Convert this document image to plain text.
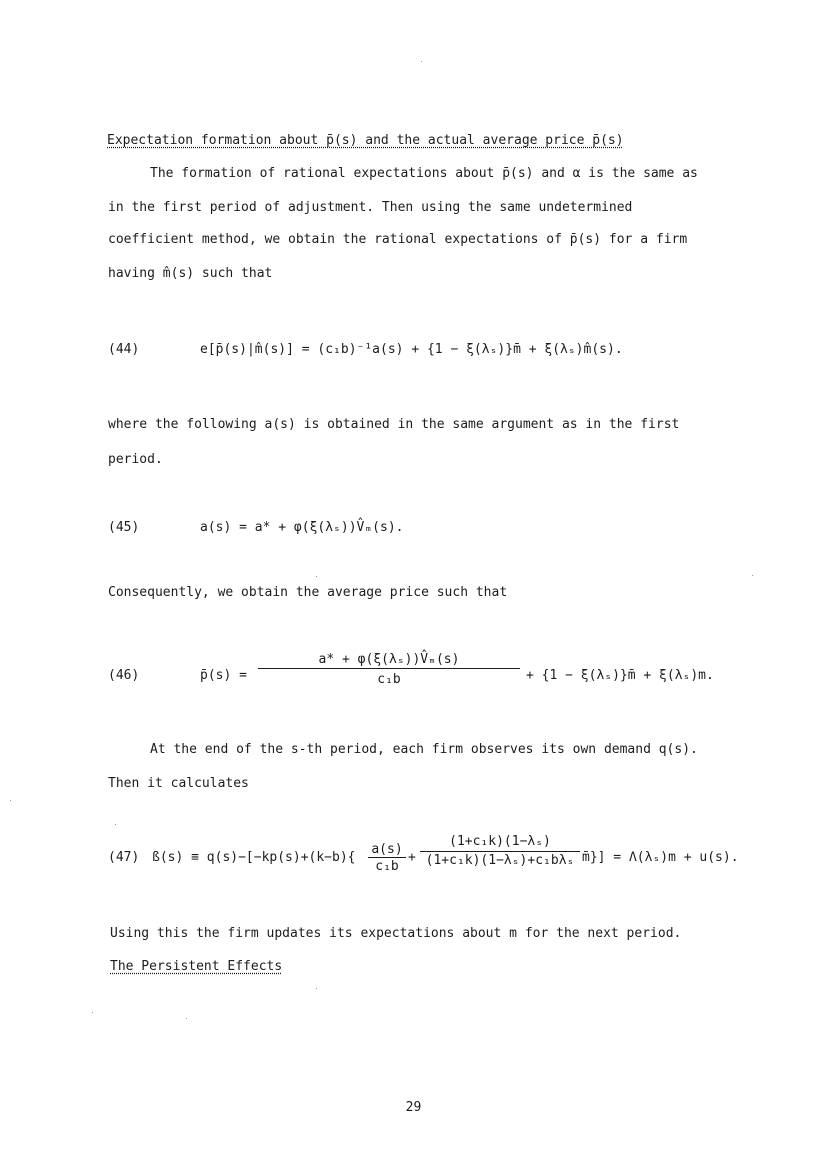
Expectation formation about p̄(s) and the actual average price p̄(s)
The formation of rational expectations about p̄(s) and α is the same as
in the first period of adjustment. Then using the same undetermined
coefficient method, we obtain the rational expectations of p̄(s) for a firm
having m̂(s) such that
(44)	e[p̄(s)|m̂(s)] = (c₁b)⁻¹a(s) + {1 − ξ(λₛ)}m̄ + ξ(λₛ)m̂(s).
where the following a(s) is obtained in the same argument as in the first
period.
(45)	a(s) = a* + φ(ξ(λₛ))V̂ₘ(s).
Consequently, we obtain the average price such that
(46)	p̄(s) =
a* + φ(ξ(λₛ))V̂ₘ(s)
c₁b	+ {1 − ξ(λₛ)}m̄ + ξ(λₛ)m.
At the end of the s-th period, each firm observes its own demand q(s).
Then it calculates
(47) ß(s) ≡ q(s)−[−kp(s)+(k−b){
a(s)
c₁b
+
(1+c₁k)(1−λₛ)
(1+c₁k)(1−λₛ)+c₁bλₛ m̄}] = Λ(λₛ)m + u(s).
Using this the firm updates its expectations about m for the next period.
The Persistent Effects
29
